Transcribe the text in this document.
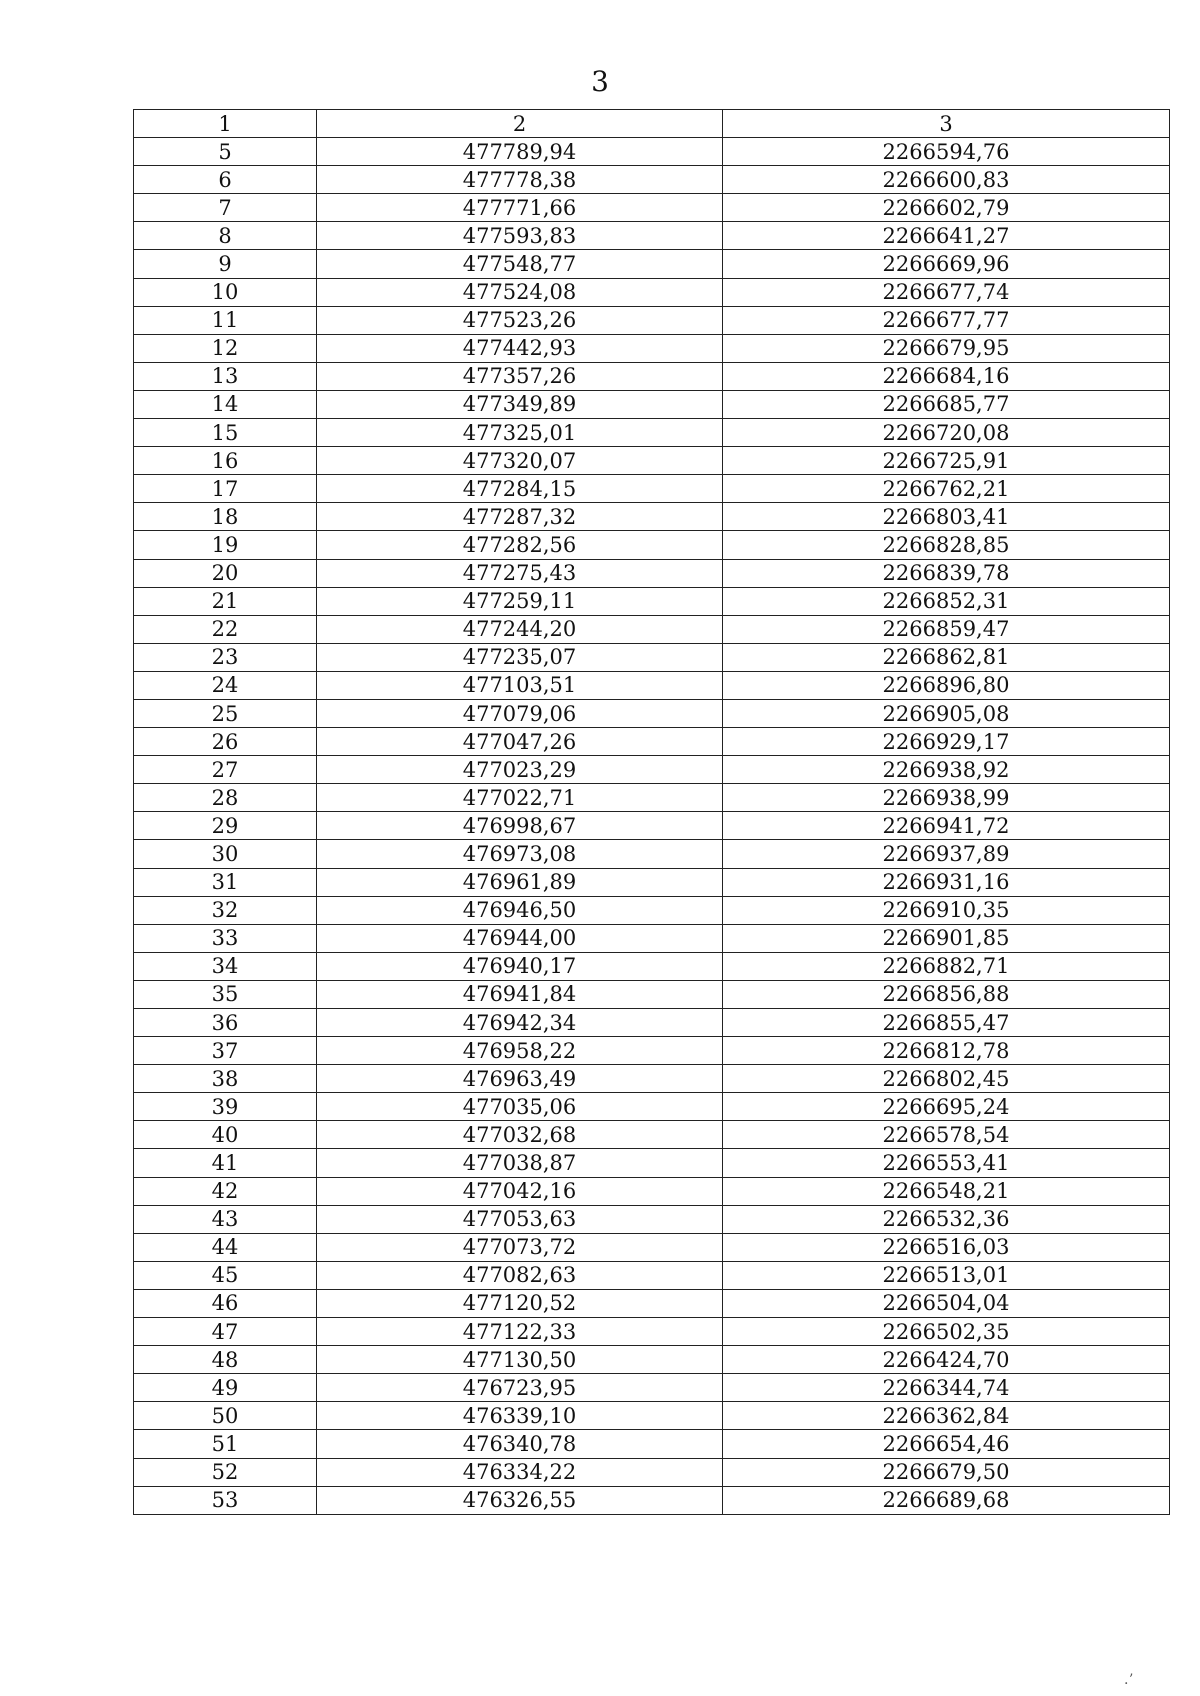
3
1	2	3
5	477789,94	2266594,76
6	477778,38	2266600,83
7	477771,66	2266602,79
8	477593,83	2266641,27
9	477548,77	2266669,96
10	477524,08	2266677,74
11	477523,26	2266677,77
12	477442,93	2266679,95
13	477357,26	2266684,16
14	477349,89	2266685,77
15	477325,01	2266720,08
16	477320,07	2266725,91
17	477284,15	2266762,21
18	477287,32	2266803,41
19	477282,56	2266828,85
20	477275,43	2266839,78
21	477259,11	2266852,31
22	477244,20	2266859,47
23	477235,07	2266862,81
24	477103,51	2266896,80
25	477079,06	2266905,08
26	477047,26	2266929,17
27	477023,29	2266938,92
28	477022,71	2266938,99
29	476998,67	2266941,72
30	476973,08	2266937,89
31	476961,89	2266931,16
32	476946,50	2266910,35
33	476944,00	2266901,85
34	476940,17	2266882,71
35	476941,84	2266856,88
36	476942,34	2266855,47
37	476958,22	2266812,78
38	476963,49	2266802,45
39	477035,06	2266695,24
40	477032,68	2266578,54
41	477038,87	2266553,41
42	477042,16	2266548,21
43	477053,63	2266532,36
44	477073,72	2266516,03
45	477082,63	2266513,01
46	477120,52	2266504,04
47	477122,33	2266502,35
48	477130,50	2266424,70
49	476723,95	2266344,74
50	476339,10	2266362,84
51	476340,78	2266654,46
52	476334,22	2266679,50
53	476326,55	2266689,68
.ʼ
